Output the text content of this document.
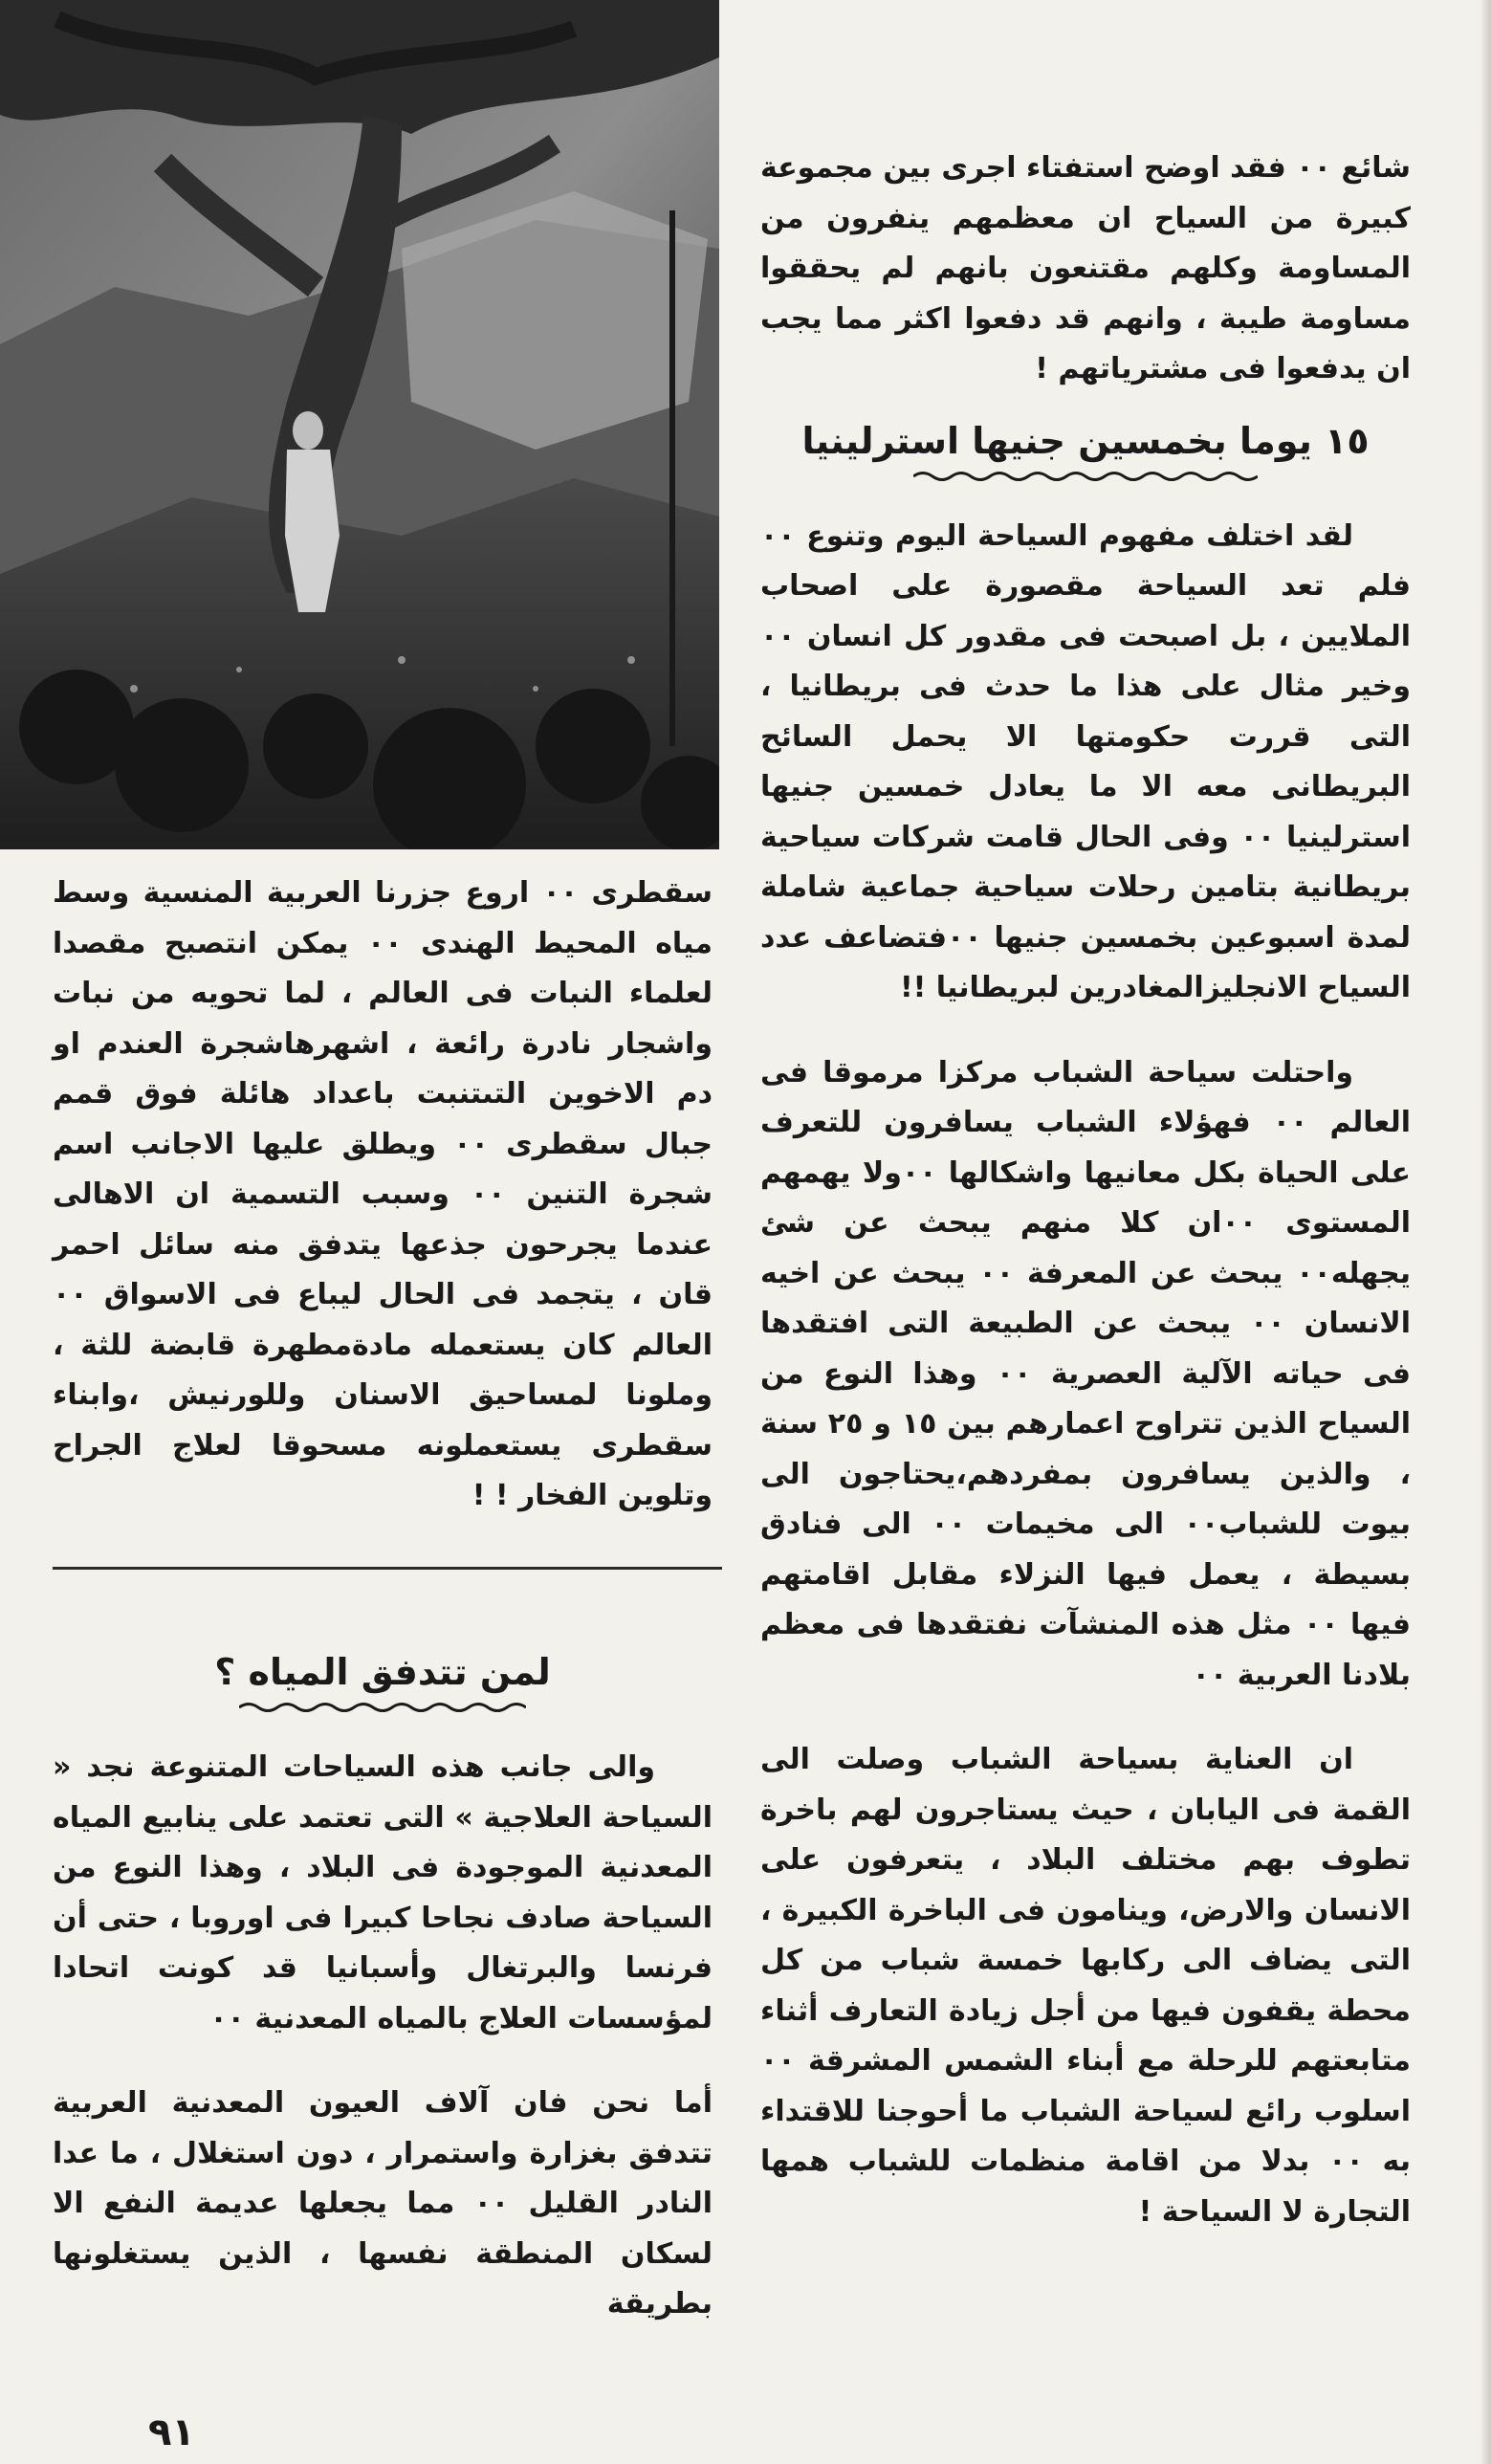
شائع ٠٠ فقد اوضح استفتاء اجرى بين مجموعة كبيرة من السياح ان معظمهم ينفرون من المساومة وكلهم مقتنعون بانهم لم يحققوا مساومة طيبة ، وانهم قد دفعوا اكثر مما يجب ان يدفعوا فى مشترياتهم !

١٥ يوما بخمسين جنيها استرلينيا

لقد اختلف مفهوم السياحة اليوم وتنوع ٠٠ فلم تعد السياحة مقصورة على اصحاب الملايين ، بل اصبحت فى مقدور كل انسان ٠٠ وخير مثال على هذا ما حدث فى بريطانيا ، التى قررت حكومتها الا يحمل السائح البريطانى معه الا ما يعادل خمسين جنيها استرلينيا ٠٠ وفى الحال قامت شركات سياحية بريطانية بتامين رحلات سياحية جماعية شاملة لمدة اسبوعين بخمسين جنيها ٠٠فتضاعف عدد السياح الانجليزالمغادرين لبريطانيا !!

واحتلت سياحة الشباب مركزا مرموقا فى العالم ٠٠ فهؤلاء الشباب يسافرون للتعرف على الحياة بكل معانيها واشكالها ٠٠ولا يهمهم المستوى ٠٠ان كلا منهم يبحث عن شئ يجهله٠٠ يبحث عن المعرفة ٠٠ يبحث عن اخيه الانسان ٠٠ يبحث عن الطبيعة التى افتقدها فى حياته الآلية العصرية ٠٠ وهذا النوع من السياح الذين تتراوح اعمارهم بين ١٥ و ٢٥ سنة ، والذين يسافرون بمفردهم،يحتاجون الى بيوت للشباب٠٠ الى مخيمات ٠٠ الى فنادق بسيطة ، يعمل فيها النزلاء مقابل اقامتهم فيها ٠٠ مثل هذه المنشآت نفتقدها فى معظم بلادنا العربية ٠٠

ان العناية بسياحة الشباب وصلت الى القمة فى اليابان ، حيث يستاجرون لهم باخرة تطوف بهم مختلف البلاد ، يتعرفون على الانسان والارض، وينامون فى الباخرة الكبيرة ، التى يضاف الى ركابها خمسة شباب من كل محطة يقفون فيها من أجل زيادة التعارف أثناء متابعتهم للرحلة مع أبناء الشمس المشرقة ٠٠ اسلوب رائع لسياحة الشباب ما أحوجنا للاقتداء به ٠٠ بدلا من اقامة منظمات للشباب همها التجارة لا السياحة !

سقطرى ٠٠ اروع جزرنا العربية المنسية وسط مياه المحيط الهندى ٠٠ يمكن انتصبح مقصدا لعلماء النبات فى العالم ، لما تحويه من نبات واشجار نادرة رائعة ، اشهرهاشجرة العندم او دم الاخوين التىتنبت باعداد هائلة فوق قمم جبال سقطرى ٠٠ ويطلق عليها الاجانب اسم شجرة التنين ٠٠ وسبب التسمية ان الاهالى عندما يجرحون جذعها يتدفق منه سائل احمر قان ، يتجمد فى الحال ليباع فى الاسواق ٠٠ العالم كان يستعمله مادةمطهرة قابضة للثة ، وملونا لمساحيق الاسنان وللورنيش ،وابناء سقطرى يستعملونه مسحوقا لعلاج الجراح وتلوين الفخار ! !

لمن تتدفق المياه ؟

والى جانب هذه السياحات المتنوعة نجد « السياحة العلاجية » التى تعتمد على ينابيع المياه المعدنية الموجودة فى البلاد ، وهذا النوع من السياحة صادف نجاحا كبيرا فى اوروبا ، حتى أن فرنسا والبرتغال وأسبانيا قد كونت اتحادا لمؤسسات العلاج بالمياه المعدنية ٠٠

أما نحن فان آلاف العيون المعدنية العربية تتدفق بغزارة واستمرار ، دون استغلال ، ما عدا النادر القليل ٠٠ مما يجعلها عديمة النفع الا لسكان المنطقة نفسها ، الذين يستغلونها بطريقة

٩١
